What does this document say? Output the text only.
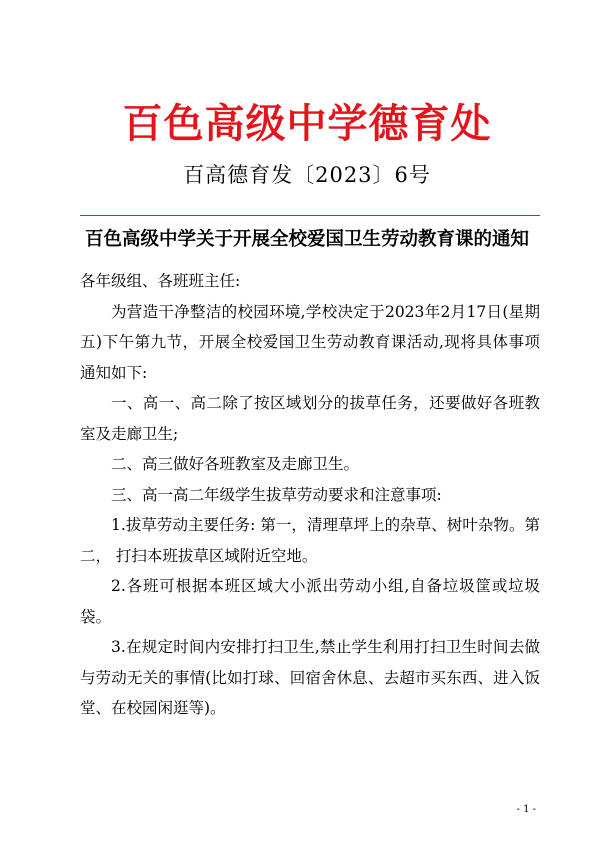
百色高级中学德育处
百高德育发〔2023〕6号
百色高级中学关于开展全校爱国卫生劳动教育课的通知

各年级组、各班班主任:

为营造干净整洁的校园环境,学校决定于2023年2月17日(星期五)下午第九节，开展全校爱国卫生劳动教育课活动,现将具体事项通知如下:

一、高一、高二除了按区域划分的拔草任务，还要做好各班教室及走廊卫生;

二、高三做好各班教室及走廊卫生。

三、高一高二年级学生拔草劳动要求和注意事项:

1.拔草劳动主要任务: 第一，清理草坪上的杂草、树叶杂物。第二， 打扫本班拔草区域附近空地。

2.各班可根据本班区域大小派出劳动小组,自备垃圾筐或垃圾袋。

3.在规定时间内安排打扫卫生,禁止学生利用打扫卫生时间去做与劳动无关的事情(比如打球、回宿舍休息、去超市买东西、进入饭堂、在校园闲逛等)。

- 1 -
